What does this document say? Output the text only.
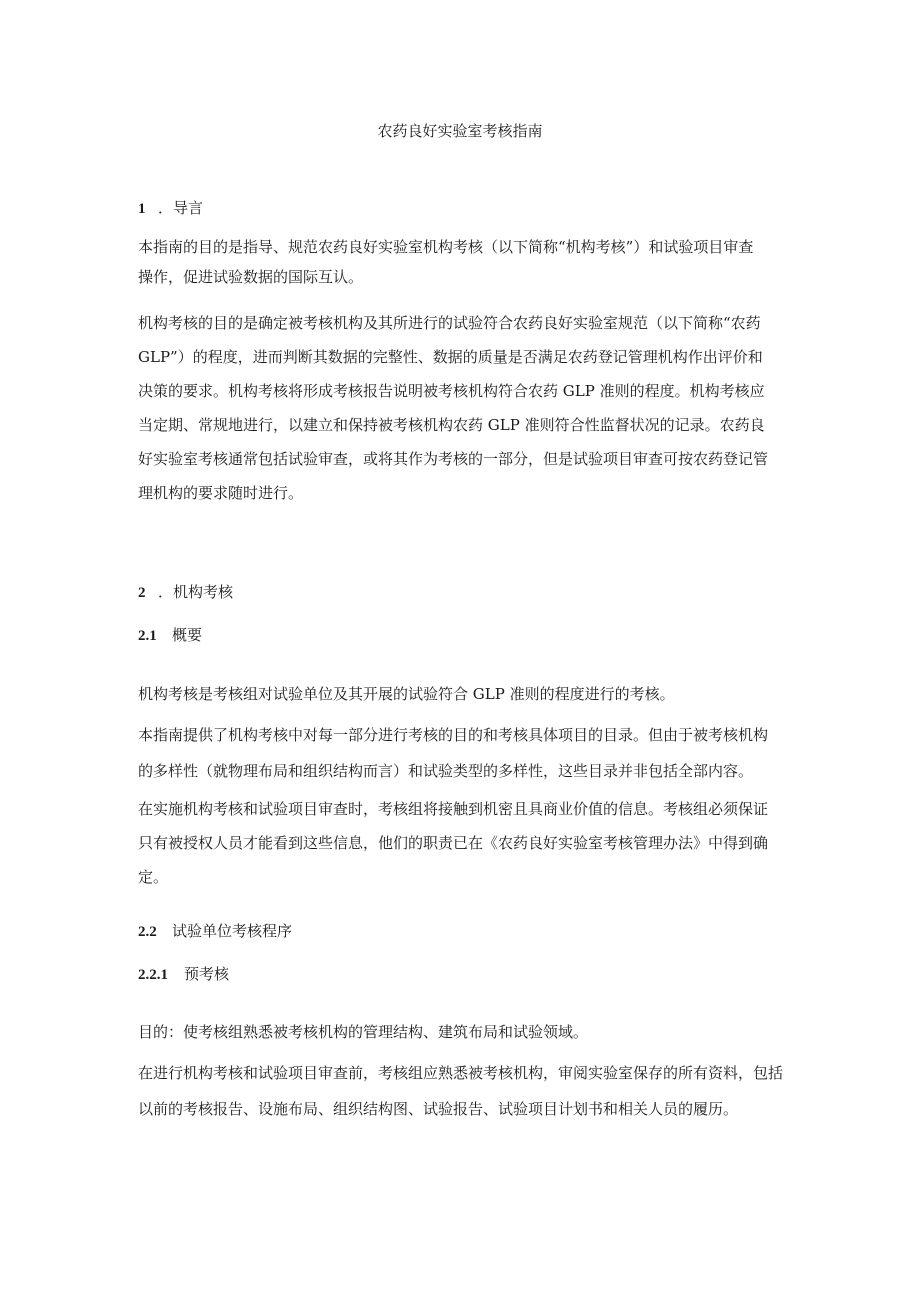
农药良好实验室考核指南
1 ．导言
本指南的目的是指导、规范农药良好实验室机构考核（以下简称“机构考核”）和试验项目审查
操作，促进试验数据的国际互认。
机构考核的目的是确定被考核机构及其所进行的试验符合农药良好实验室规范（以下简称“农药
GLP”）的程度，进而判断其数据的完整性、数据的质量是否满足农药登记管理机构作出评价和
决策的要求。机构考核将形成考核报告说明被考核机构符合农药 GLP 准则的程度。机构考核应
当定期、常规地进行，以建立和保持被考核机构农药 GLP 准则符合性监督状况的记录。农药良
好实验室考核通常包括试验审查，或将其作为考核的一部分，但是试验项目审查可按农药登记管
理机构的要求随时进行。
2 ．机构考核
2.1 概要
机构考核是考核组对试验单位及其开展的试验符合 GLP 准则的程度进行的考核。
本指南提供了机构考核中对每一部分进行考核的目的和考核具体项目的目录。但由于被考核机构
的多样性（就物理布局和组织结构而言）和试验类型的多样性，这些目录并非包括全部内容。
在实施机构考核和试验项目审查时，考核组将接触到机密且具商业价值的信息。考核组必须保证
只有被授权人员才能看到这些信息，他们的职责已在《农药良好实验室考核管理办法》中得到确
定。
2.2 试验单位考核程序
2.2.1 预考核
目的：使考核组熟悉被考核机构的管理结构、建筑布局和试验领域。
在进行机构考核和试验项目审查前，考核组应熟悉被考核机构，审阅实验室保存的所有资料，包括
以前的考核报告、设施布局、组织结构图、试验报告、试验项目计划书和相关人员的履历。
